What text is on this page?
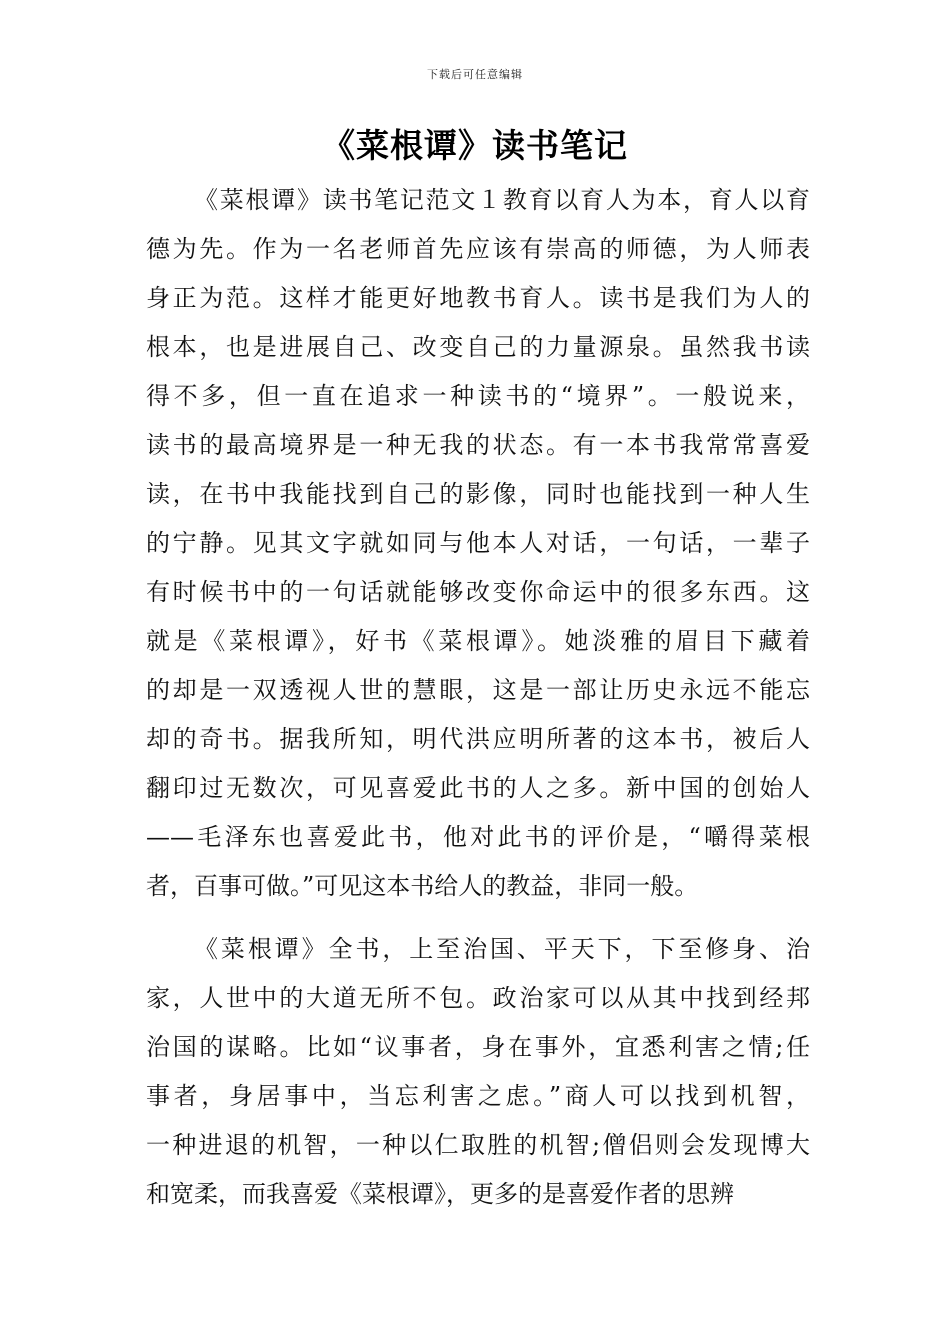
下载后可任意编辑
《菜根谭》读书笔记
《菜根谭》读书笔记范文１教育以育人为本，育人以育
德为先。作为一名老师首先应该有崇高的师德，为人师表
身正为范。这样才能更好地教书育人。读书是我们为人的
根本，也是进展自己、改变自己的力量源泉。虽然我书读
得不多，但一直在追求一种读书的“境界”。一般说来，
读书的最高境界是一种无我的状态。有一本书我常常喜爱
读，在书中我能找到自己的影像，同时也能找到一种人生
的宁静。见其文字就如同与他本人对话，一句话，一辈子
有时候书中的一句话就能够改变你命运中的很多东西。这
就是《菜根谭》，好书《菜根谭》。她淡雅的眉目下藏着
的却是一双透视人世的慧眼，这是一部让历史永远不能忘
却的奇书。据我所知，明代洪应明所著的这本书，被后人
翻印过无数次，可见喜爱此书的人之多。新中国的创始人
——毛泽东也喜爱此书，他对此书的评价是，“嚼得菜根
者，百事可做。”可见这本书给人的教益，非同一般。
《菜根谭》全书，上至治国、平天下，下至修身、治
家，人世中的大道无所不包。政治家可以从其中找到经邦
治国的谋略。比如“议事者，身在事外，宜悉利害之情;任
事者，身居事中，当忘利害之虑。”商人可以找到机智，
一种进退的机智，一种以仁取胜的机智;僧侣则会发现博大
和宽柔，而我喜爱《菜根谭》，更多的是喜爱作者的思辨
